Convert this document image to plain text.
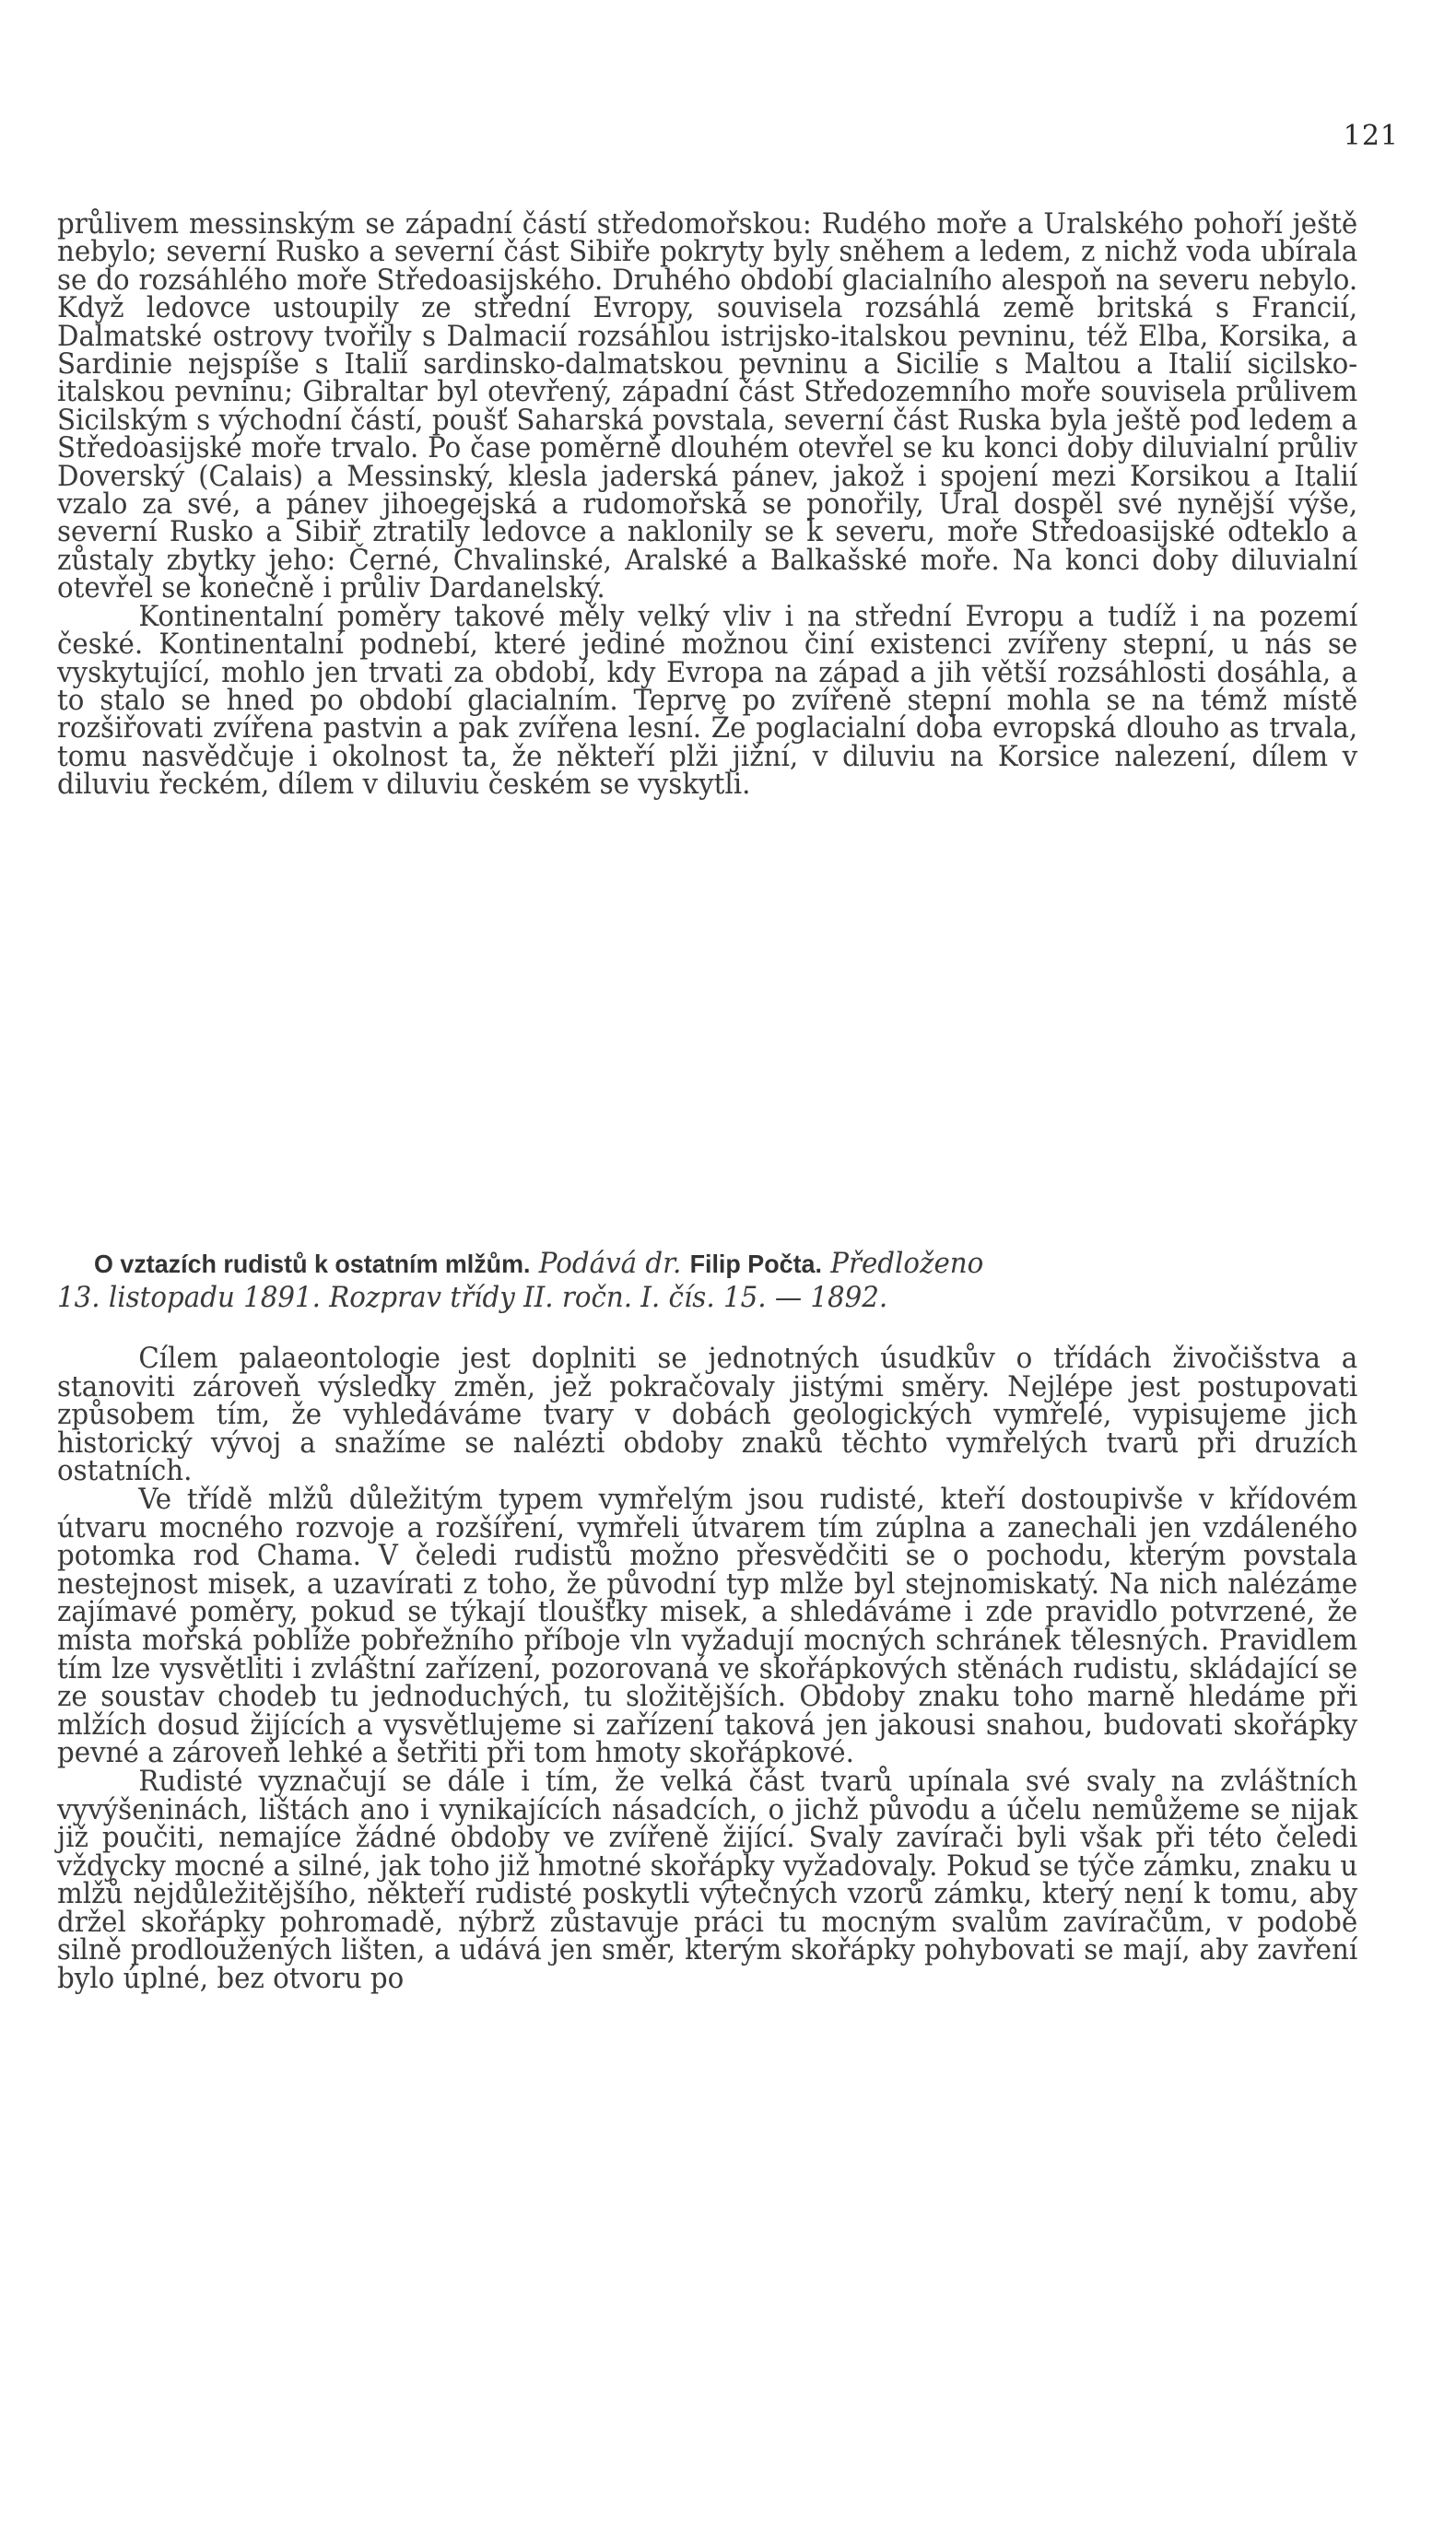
121

průlivem messinským se západní částí středomořskou: Rudého moře a Uralského pohoří ještě nebylo; severní Rusko a severní část Sibiře pokryty byly sněhem a ledem, z nichž voda ubírala se do rozsáhlého moře Středoasijského. Druhého období glacialního alespoň na severu nebylo. Když ledovce ustoupily ze střední Evropy, souvisela rozsáhlá země britská s Francií, Dalmatské ostrovy tvořily s Dalmacií rozsáhlou istrijsko-italskou pevninu, též Elba, Korsika, a Sardinie nejspíše s Italií sardinsko-dalmatskou pevninu a Sicilie s Maltou a Italií sicilsko-italskou pevninu; Gibraltar byl otevřený, západní část Středozemního moře souvisela průlivem Sicilským s východní částí, poušť Saharská povstala, severní část Ruska byla ještě pod ledem a Středoasijské moře trvalo. Po čase poměrně dlouhém otevřel se ku konci doby diluvialní průliv Doverský (Calais) a Messinský, klesla jaderská pánev, jakož i spojení mezi Korsikou a Italií vzalo za své, a pánev jihoegejská a rudomořská se ponořily, Ural dospěl své nynější výše, severní Rusko a Sibiř ztratily ledovce a naklonily se k severu, moře Středoasijské odteklo a zůstaly zbytky jeho: Černé, Chvalinské, Aralské a Balkašské moře. Na konci doby diluvialní otevřel se konečně i průliv Dardanelský.

Kontinentalní poměry takové měly velký vliv i na střední Evropu a tudíž i na pozemí české. Kontinentalní podnebí, které jediné možnou činí existenci zvířeny stepní, u nás se vyskytující, mohlo jen trvati za období, kdy Evropa na západ a jih větší rozsáhlosti dosáhla, a to stalo se hned po období glacialním. Teprve po zvířeně stepní mohla se na témž místě rozšiřovati zvířena pastvin a pak zvířena lesní. Že poglacialní doba evropská dlouho as trvala, tomu nasvědčuje i okolnost ta, že někteří plži jižní, v diluviu na Korsice nalezení, dílem v diluviu řeckém, dílem v diluviu českém se vyskytli.

O vztazích rudistů k ostatním mlžům. Podává dr. Filip Počta. Předloženo
13. listopadu 1891. Rozprav třídy II. ročn. I. čís. 15. — 1892.

Cílem palaeontologie jest doplniti se jednotných úsudkův o třídách živočišstva a stanoviti zároveň výsledky změn, jež pokračovaly jistými směry. Nejlépe jest postupovati způsobem tím, že vyhledáváme tvary v dobách geologických vymřelé, vypisujeme jich historický vývoj a snažíme se nalézti obdoby znaků těchto vymřelých tvarů při druzích ostatních.

Ve třídě mlžů důležitým typem vymřelým jsou rudisté, kteří dostoupivše v křídovém útvaru mocného rozvoje a rozšíření, vymřeli útvarem tím zúplna a zanechali jen vzdáleného potomka rod Chama. V čeledi rudistů možno přesvědčiti se o pochodu, kterým povstala nestejnost misek, a uzavírati z toho, že původní typ mlže byl stejnomiskatý. Na nich nalézáme zajímavé poměry, pokud se týkají tloušťky misek, a shledáváme i zde pravidlo potvrzené, že místa mořská poblíže pobřežního příboje vln vyžadují mocných schránek tělesných. Pravidlem tím lze vysvětliti i zvláštní zařízení, pozorovaná ve skořápkových stěnách rudistu, skládající se ze soustav chodeb tu jednoduchých, tu složitějších. Obdoby znaku toho marně hledáme při mlžích dosud žijících a vysvětlujeme si zařízení taková jen jakousi snahou, budovati skořápky pevné a zároveň lehké a šetřiti při tom hmoty skořápkové.

Rudisté vyznačují se dále i tím, že velká část tvarů upínala své svaly na zvláštních vyvýšeninách, lištách ano i vynikajících násadcích, o jichž původu a účelu nemůžeme se nijak již poučiti, nemajíce žádné obdoby ve zvířeně žijící. Svaly zavírači byli však při této čeledi vždycky mocné a silné, jak toho již hmotné skořápky vyžadovaly. Pokud se týče zámku, znaku u mlžů nejdůležitějšího, někteří rudisté poskytli výtečných vzorů zámku, který není k tomu, aby držel skořápky pohromadě, nýbrž zůstavuje práci tu mocným svalům zavíračům, v podobě silně prodloužených lišten, a udává jen směr, kterým skořápky pohybovati se mají, aby zavření bylo úplné, bez otvoru po
